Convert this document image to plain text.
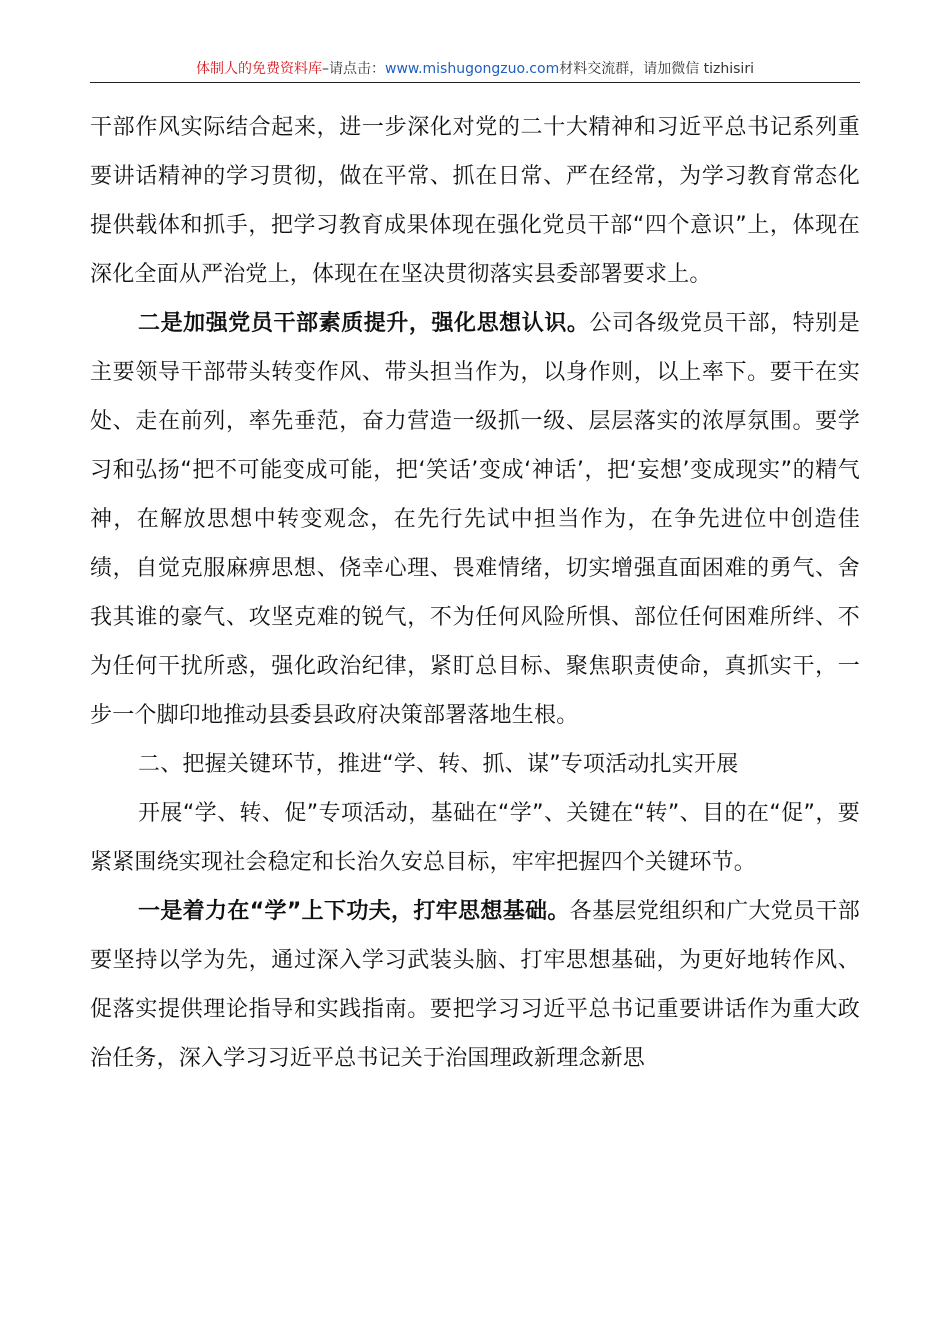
体制人的免费资料库–请点击：www.mishugongzuo.com材料交流群，请加微信 tizhisiri

干部作风实际结合起来，进一步深化对党的二十大精神和习近平总书记系列重要讲话精神的学习贯彻，做在平常、抓在日常、严在经常，为学习教育常态化提供载体和抓手，把学习教育成果体现在强化党员干部“四个意识”上，体现在深化全面从严治党上，体现在在坚决贯彻落实县委部署要求上。

二是加强党员干部素质提升，强化思想认识。公司各级党员干部，特别是主要领导干部带头转变作风、带头担当作为，以身作则，以上率下。要干在实处、走在前列，率先垂范，奋力营造一级抓一级、层层落实的浓厚氛围。要学习和弘扬“把不可能变成可能，把‘笑话’变成‘神话’，把‘妄想’变成现实”的精气神，在解放思想中转变观念，在先行先试中担当作为，在争先进位中创造佳绩，自觉克服麻痹思想、侥幸心理、畏难情绪，切实增强直面困难的勇气、舍我其谁的豪气、攻坚克难的锐气，不为任何风险所惧、部位任何困难所绊、不为任何干扰所惑，强化政治纪律，紧盯总目标、聚焦职责使命，真抓实干，一步一个脚印地推动县委县政府决策部署落地生根。

二、把握关键环节，推进“学、转、抓、谋”专项活动扎实开展

开展“学、转、促”专项活动，基础在“学”、关键在“转”、目的在“促”，要紧紧围绕实现社会稳定和长治久安总目标，牢牢把握四个关键环节。

一是着力在“学”上下功夫，打牢思想基础。各基层党组织和广大党员干部要坚持以学为先，通过深入学习武装头脑、打牢思想基础，为更好地转作风、促落实提供理论指导和实践指南。要把学习习近平总书记重要讲话作为重大政治任务，深入学习习近平总书记关于治国理政新理念新思
